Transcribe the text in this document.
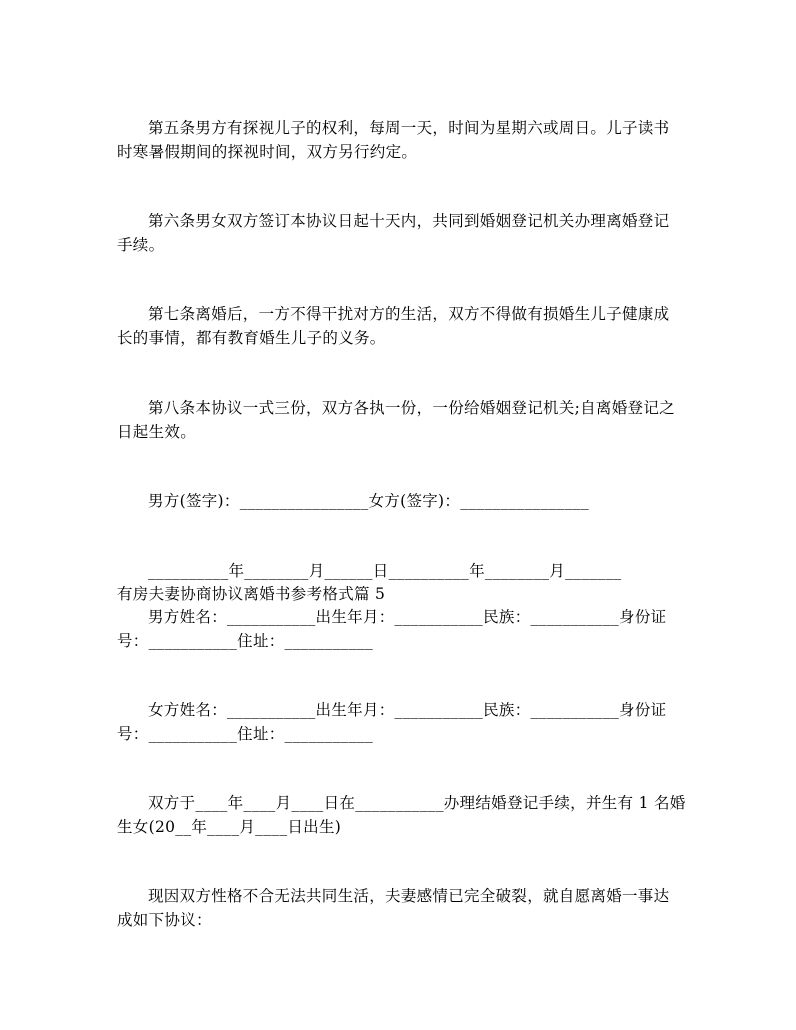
第五条男方有探视儿子的权利，每周一天，时间为星期六或周日。儿子读书
时寒暑假期间的探视时间，双方另行约定。
第六条男女双方签订本协议日起十天内，共同到婚姻登记机关办理离婚登记
手续。
第七条离婚后，一方不得干扰对方的生活，双方不得做有损婚生儿子健康成
长的事情，都有教育婚生儿子的义务。
第八条本协议一式三份，双方各执一份，一份给婚姻登记机关;自离婚登记之
日起生效。
男方(签字)：________________女方(签字)：________________
__________年________月______日__________年________月_______
有房夫妻协商协议离婚书参考格式篇 5
男方姓名：___________出生年月：___________民族：___________身份证
号：___________住址：___________
女方姓名：___________出生年月：___________民族：___________身份证
号：___________住址：___________
双方于____年____月____日在___________办理结婚登记手续，并生有 1 名婚
生女(20__年____月____日出生)
现因双方性格不合无法共同生活，夫妻感情已完全破裂，就自愿离婚一事达
成如下协议：
